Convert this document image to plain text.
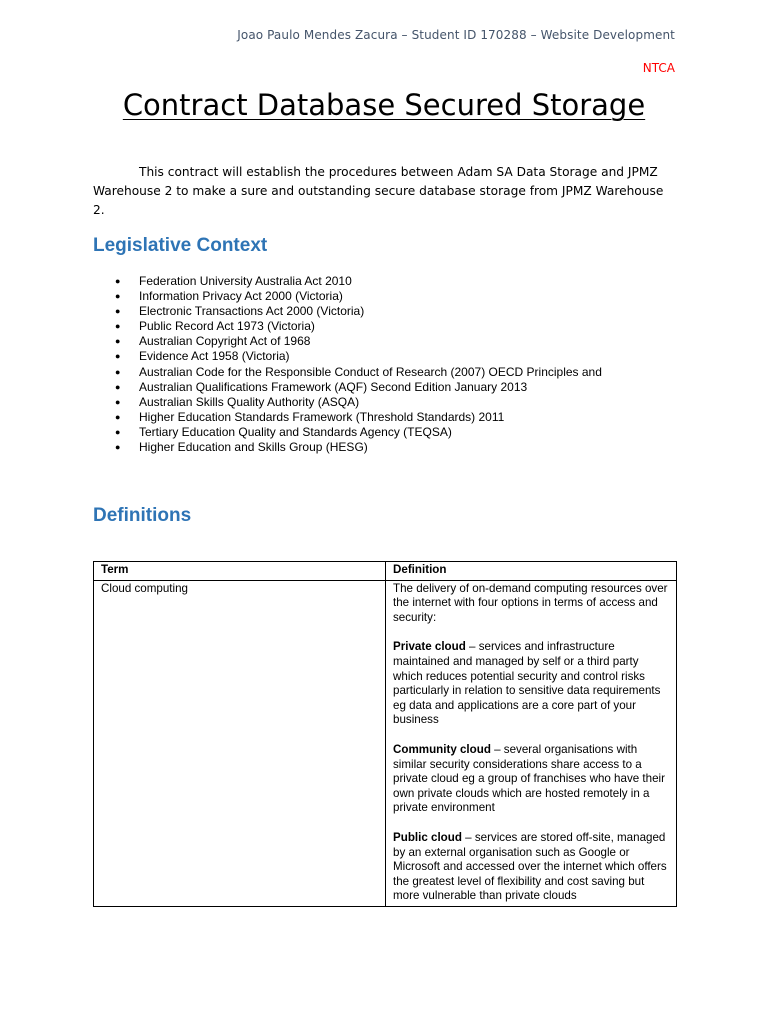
Joao Paulo Mendes Zacura – Student ID 170288 – Website Development
NTCA
Contract Database Secured Storage

This contract will establish the procedures between Adam SA Data Storage and JPMZ Warehouse 2 to make a sure and outstanding secure database storage from JPMZ Warehouse 2.

Legislative Context
● Federation University Australia Act 2010
● Information Privacy Act 2000 (Victoria)
● Electronic Transactions Act 2000 (Victoria)
● Public Record Act 1973 (Victoria)
● Australian Copyright Act of 1968
● Evidence Act 1958 (Victoria)
● Australian Code for the Responsible Conduct of Research (2007) OECD Principles and
● Australian Qualifications Framework (AQF) Second Edition January 2013
● Australian Skills Quality Authority (ASQA)
● Higher Education Standards Framework (Threshold Standards) 2011
● Tertiary Education Quality and Standards Agency (TEQSA)
● Higher Education and Skills Group (HESG)
Definitions
Term	Definition
Cloud computing	The delivery of on-demand computing resources over the internet with four options in terms of access and security:

Private cloud – services and infrastructure maintained and managed by self or a third party which reduces potential security and control risks particularly in relation to sensitive data requirements eg data and applications are a core part of your business

Community cloud – several organisations with similar security considerations share access to a private cloud eg a group of franchises who have their own private clouds which are hosted remotely in a private environment

Public cloud – services are stored off-site, managed by an external organisation such as Google or Microsoft and accessed over the internet which offers the greatest level of flexibility and cost saving but more vulnerable than private clouds
